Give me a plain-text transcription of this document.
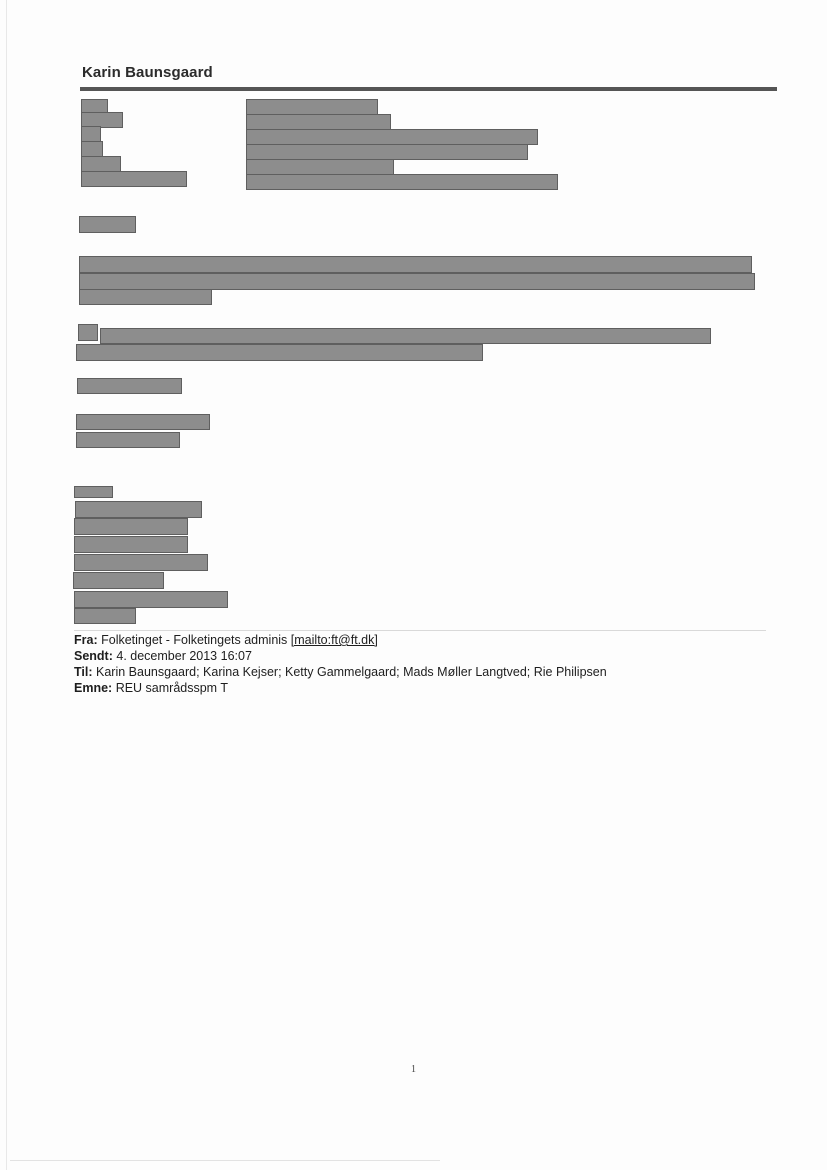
Karin Baunsgaard
Fra: Folketinget - Folketingets adminis [mailto:ft@ft.dk]
Sendt: 4. december 2013 16:07
Til: Karin Baunsgaard; Karina Kejser; Ketty Gammelgaard; Mads Møller Langtved; Rie Philipsen
Emne: REU samrådsspm T
1
